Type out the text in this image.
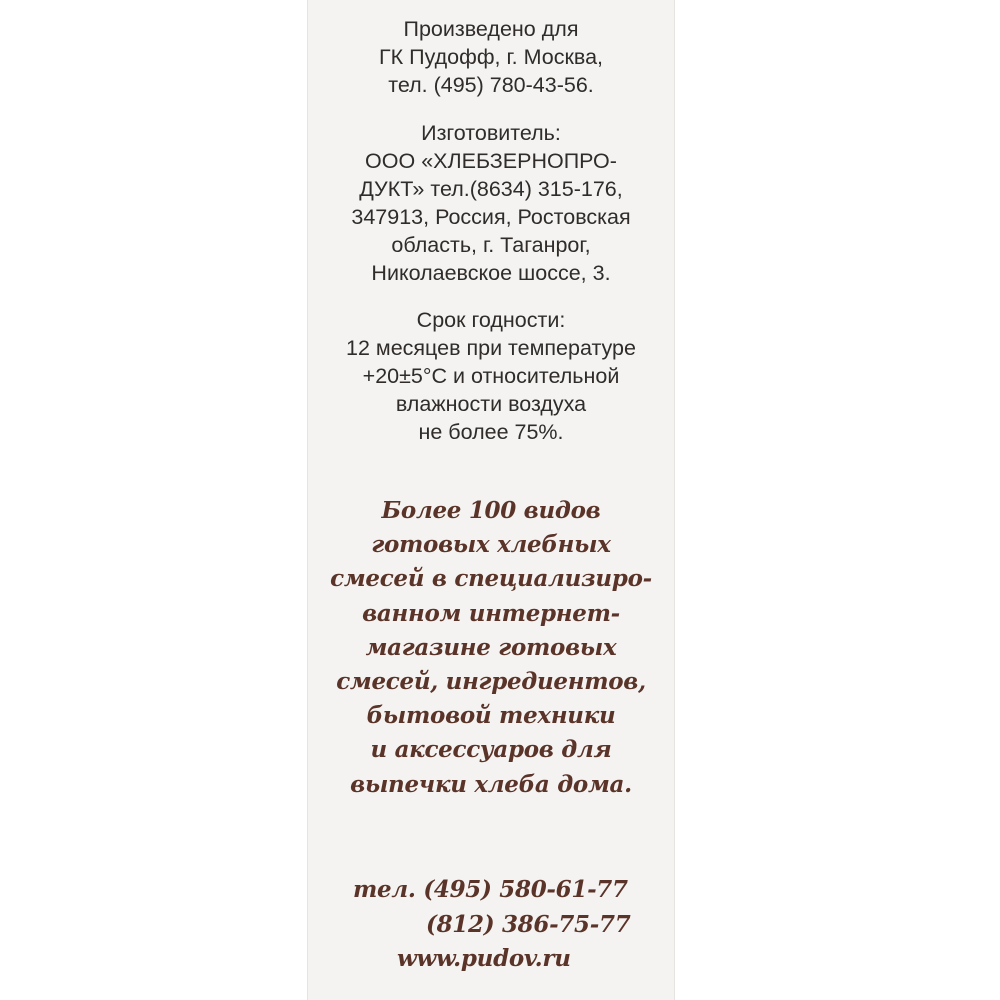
Произведено для
ГК Пудофф, г. Москва,
тел. (495) 780-43-56.
Изготовитель:
ООО «ХЛЕБЗЕРНОПРО-
ДУКТ» тел.(8634) 315-176,
347913, Россия, Ростовская
область, г. Таганрог,
Николаевское шоссе, 3.
Срок годности:
12 месяцев при температуре
+20±5°С и относительной
влажности воздуха
не более 75%.
Более 100 видов
готовых хлебных
смесей в специализиро-
ванном интернет-
магазине готовых
смесей, ингредиентов,
бытовой техники
и аксессуаров для
выпечки хлеба дома.
тел. (495) 580-61-77
(812) 386-75-77
www.pudov.ru
